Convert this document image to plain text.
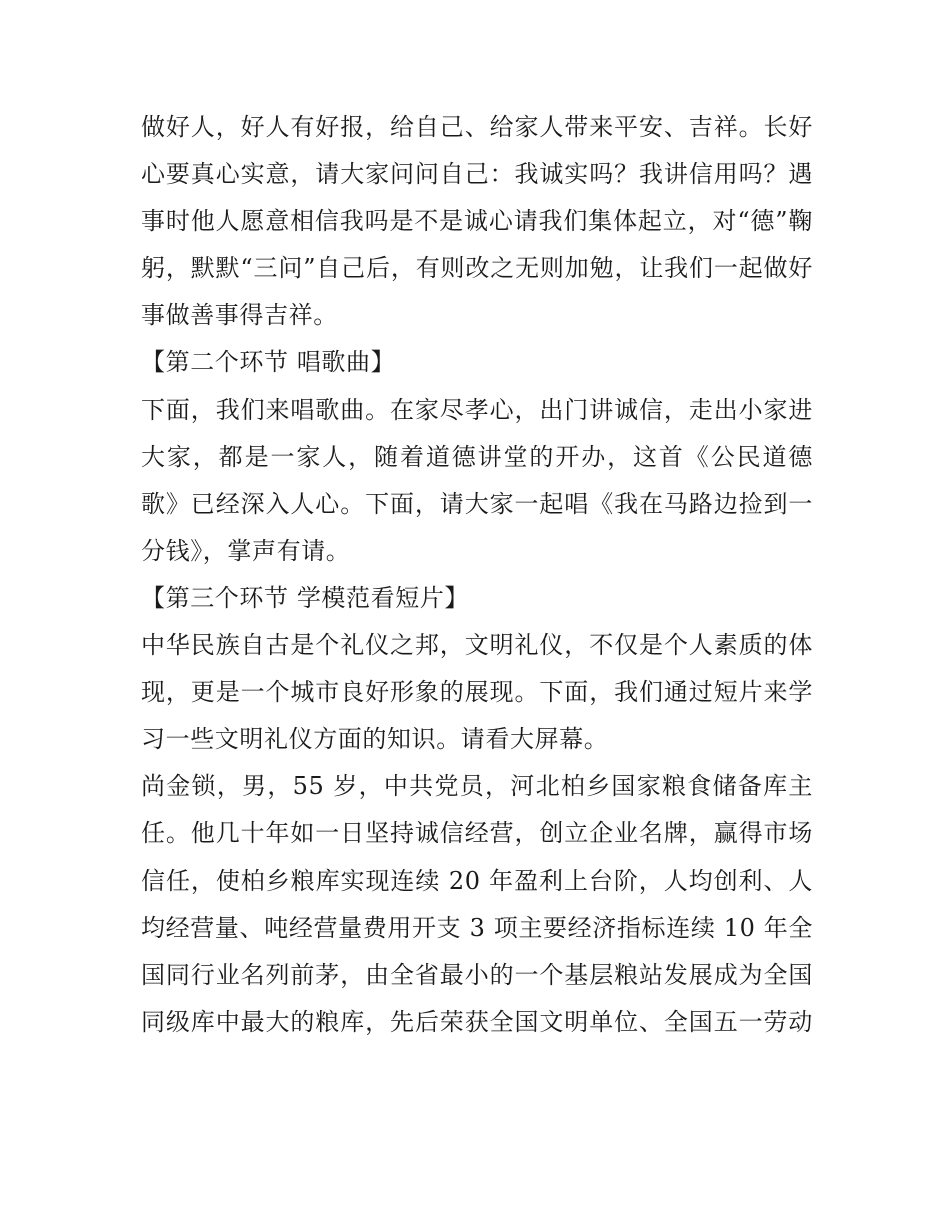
做好人，好人有好报，给自己、给家人带来平安、吉祥。长好
心要真心实意，请大家问问自己：我诚实吗？我讲信用吗？遇
事时他人愿意相信我吗是不是诚心请我们集体起立，对“德”鞠
躬，默默“三问”自己后，有则改之无则加勉，让我们一起做好
事做善事得吉祥。
【第二个环节 唱歌曲】
下面，我们来唱歌曲。在家尽孝心，出门讲诚信，走出小家进
大家，都是一家人，随着道德讲堂的开办，这首《公民道德
歌》已经深入人心。下面，请大家一起唱《我在马路边捡到一
分钱》，掌声有请。
【第三个环节 学模范看短片】
中华民族自古是个礼仪之邦，文明礼仪，不仅是个人素质的体
现，更是一个城市良好形象的展现。下面，我们通过短片来学
习一些文明礼仪方面的知识。请看大屏幕。
尚金锁，男，55 岁，中共党员，河北柏乡国家粮食储备库主
任。他几十年如一日坚持诚信经营，创立企业名牌，赢得市场
信任，使柏乡粮库实现连续 20 年盈利上台阶，人均创利、人
均经营量、吨经营量费用开支 3 项主要经济指标连续 10 年全
国同行业名列前茅，由全省最小的一个基层粮站发展成为全国
同级库中最大的粮库，先后荣获全国文明单位、全国五一劳动
